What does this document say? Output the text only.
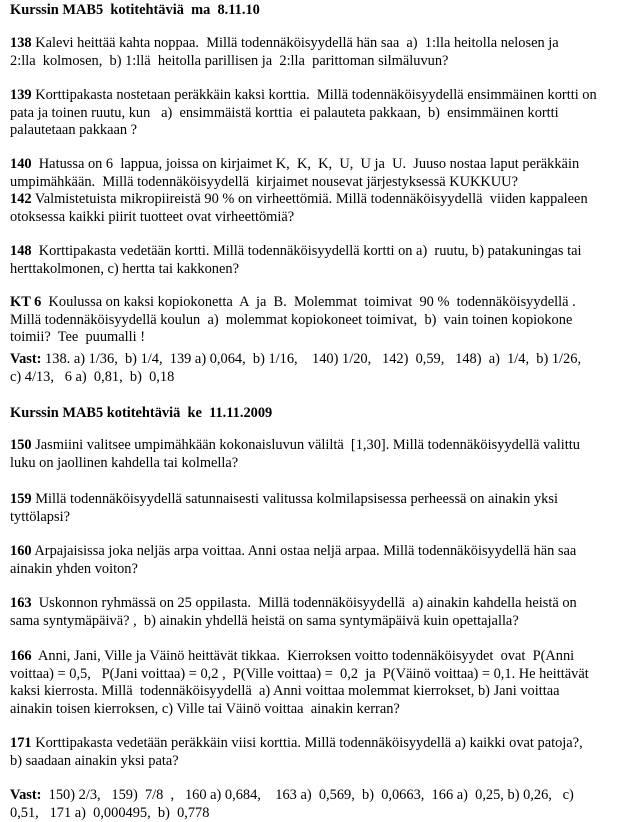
Kurssin MAB5  kotitehtäviä  ma  8.11.10
138 Kalevi heittää kahta noppaa.  Millä todennäköisyydellä hän saa  a)  1:lla heitolla nelosen ja
2:lla  kolmosen,  b) 1:llä  heitolla parillisen ja  2:lla  parittoman silmäluvun?
139 Korttipakasta nostetaan peräkkäin kaksi korttia.  Millä todennäköisyydellä ensimmäinen kortti on
pata ja toinen ruutu, kun   a)  ensimmäistä korttia  ei palauteta pakkaan,  b)  ensimmäinen kortti
palautetaan pakkaan ?
140  Hatussa on 6  lappua, joissa on kirjaimet K,  K,  K,  U,  U ja  U.  Juuso nostaa laput peräkkäin
umpimähkään.  Millä todennäköisyydellä  kirjaimet nousevat järjestyksessä KUKKUU?
142 Valmistetuista mikropiireistä 90 % on virheettömiä. Millä todennäköisyydellä  viiden kappaleen
otoksessa kaikki piirit tuotteet ovat virheettömiä?
148  Korttipakasta vedetään kortti. Millä todennäköisyydellä kortti on a)  ruutu, b) patakuningas tai
herttakolmonen, c) hertta tai kakkonen?
KT 6  Koulussa on kaksi kopiokonetta  A  ja  B.  Molemmat  toimivat  90 %  todennäköisyydellä .
Millä todennäköisyydellä koulun  a)  molemmat kopiokoneet toimivat,  b)  vain toinen kopiokone
toimii?  Tee  puumalli !
Vast: 138. a) 1/36,  b) 1/4,  139 a) 0,064,  b) 1/16,    140) 1/20,   142)  0,59,   148)  a)  1/4,  b) 1/26,
c) 4/13,   6 a)  0,81,  b)  0,18
Kurssin MAB5 kotitehtäviä  ke  11.11.2009
150 Jasmiini valitsee umpimähkään kokonaisluvun väliltä  [1,30]. Millä todennäköisyydellä valittu
luku on jaollinen kahdella tai kolmella?
159 Millä todennäköisyydellä satunnaisesti valitussa kolmilapsisessa perheessä on ainakin yksi
tyttölapsi?
160 Arpajaisissa joka neljäs arpa voittaa. Anni ostaa neljä arpaa. Millä todennäköisyydellä hän saa
ainakin yhden voiton?
163  Uskonnon ryhmässä on 25 oppilasta.  Millä todennäköisyydellä  a) ainakin kahdella heistä on
sama syntymäpäivä? ,  b) ainakin yhdellä heistä on sama syntymäpäivä kuin opettajalla?
166  Anni, Jani, Ville ja Väinö heittävät tikkaa.  Kierroksen voitto todennäköisyydet  ovat  P(Anni
voittaa) = 0,5,   P(Jani voittaa) = 0,2 ,  P(Ville voittaa) =  0,2  ja  P(Väinö voittaa) = 0,1. He heittävät
kaksi kierrosta. Millä  todennäköisyydellä  a) Anni voittaa molemmat kierrokset, b) Jani voittaa
ainakin toisen kierroksen, c) Ville tai Väinö voittaa  ainakin kerran?
171 Korttipakasta vedetään peräkkäin viisi korttia. Millä todennäköisyydellä a) kaikki ovat patoja?,
b) saadaan ainakin yksi pata?
Vast:  150) 2/3,   159)  7/8  ,   160 a) 0,684,    163 a)  0,569,  b)  0,0663,  166 a)  0,25, b) 0,26,   c)
0,51,   171 a)  0,000495,  b)  0,778
